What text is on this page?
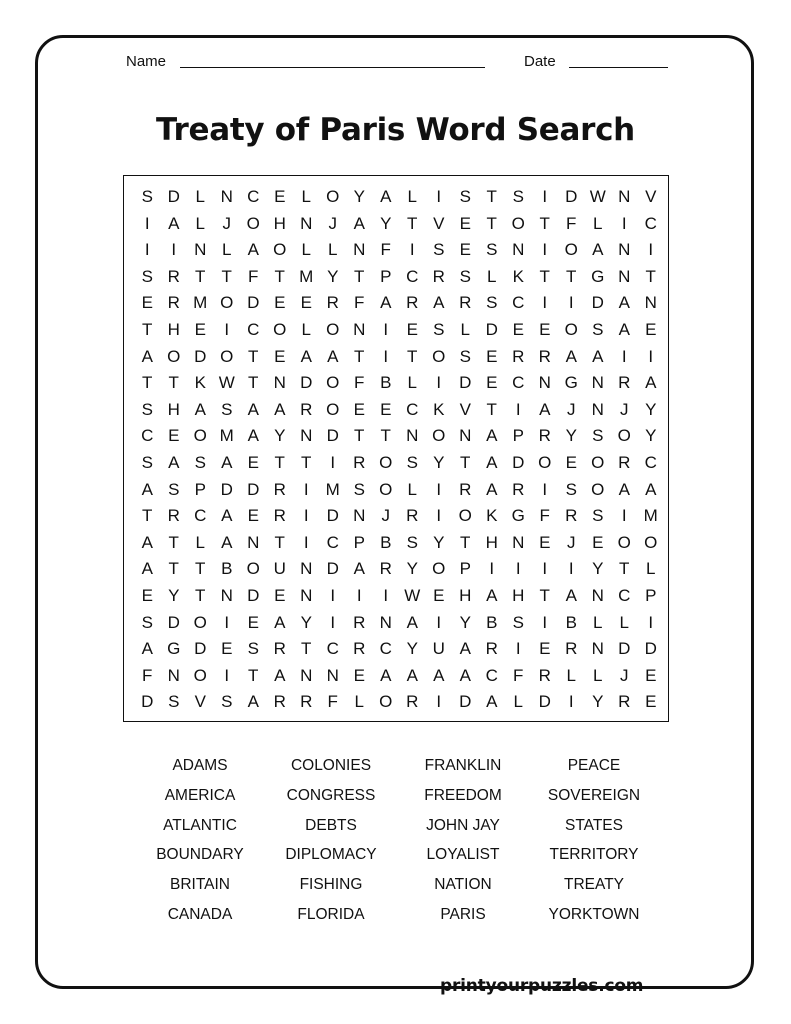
Name	Date
Treaty of Paris Word Search
S D L N C E L O Y A L	I	S T S	I	D W N V
I	A L	J O H N J A Y T V E T O T F L	I	C
I	I	N L A O L	L N F	I	S E S N	I	O A N	I
S R T T F T M Y T P C R S L K T T G N T
E R M O D E E R F A R A R S C	I	I	D A N
T H E	I	C O L O N	I	E S L D E E O S A E
A O D O T E A A T	I	T O S E R R A A	I	I
T T K W T N D O F B L	I	D E C N G N R A
S H A S A A R O E E C K V T	I	A J N J Y
C E O M A Y N D T T N O N A P R Y S O Y
S A S A E T T	I	R O S Y T A D O E O R C
A S P D D R	I	M S O L	I	R A R	I	S O A A
T R C A E R	I	D N J R	I	O K G F R S	I	M
A T L A N T	I	C P B S Y T H N E J E O O
A T T B O U N D A R Y O P	I	I	I	I	Y T L
E Y T N D E N	I	I	I W E H A H T A N C P
S D O	I	E A Y	I	R N A	I	Y B S	I	B L	L	I
A G D E S R T C R C Y U A R	I	E R N D D
F N O	I	T A N N E A A A A C F R L	L	J E
D S V S A R R F L O R	I	D A L D	I	Y R E
ADAMS
AMERICA
ATLANTIC
BOUNDARY
BRITAIN
CANADA
COLONIES
CONGRESS
DEBTS
DIPLOMACY
FISHING
FLORIDA
FRANKLIN
FREEDOM
JOHN JAY
LOYALIST
NATION
PARIS
PEACE
SOVEREIGN
STATES
TERRITORY
TREATY
YORKTOWN
printyourpuzzles.com
